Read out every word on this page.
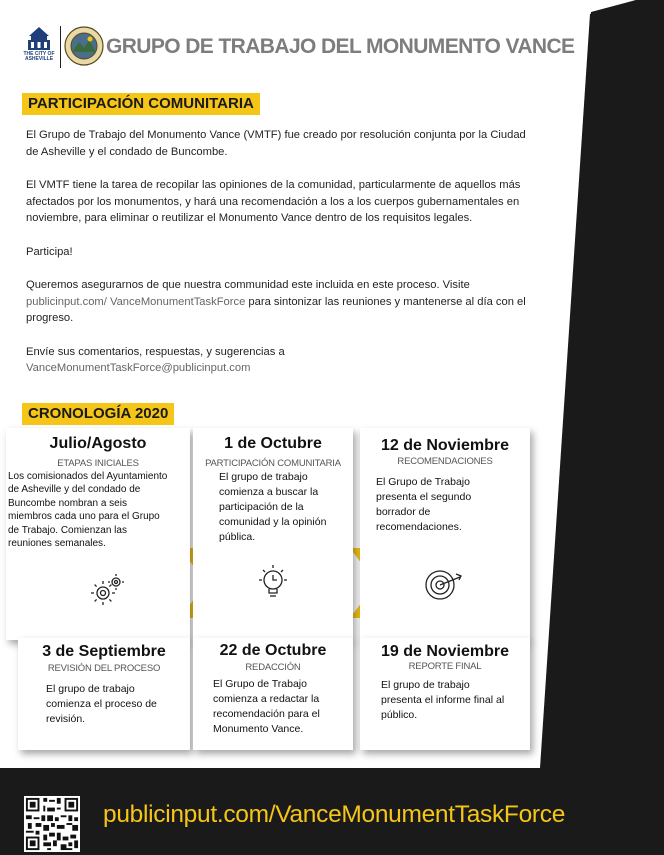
THE CITY OF ASHEVILLE
GRUPO DE TRABAJO DEL MONUMENTO VANCE
PARTICIPACIÓN COMUNITARIA

El Grupo de Trabajo del Monumento Vance (VMTF) fue creado por resolución conjunta por la Ciudad de Asheville y el condado de Buncombe.

El VMTF tiene la tarea de recopilar las opiniones de la comunidad, particularmente de aquellos más afectados por los monumentos, y hará una recomendación a los a los cuerpos gubernamentales en noviembre, para eliminar o reutilizar el Monumento Vance dentro de los requisitos legales.

Participa!

Queremos asegurarnos de que nuestra communidad este incluida en este proceso. Visite publicinput.com/ VanceMonumentTaskForce para sintonizar las reuniones y mantenerse al día con el progreso.

Envíe sus comentarios, respuestas, y sugerencias a
VanceMonumentTaskForce@publicinput.com

CRONOLOGÍA 2020
Julio/Agosto
ETAPAS INICIALES
Los comisionados del Ayuntamiento de Asheville y del condado de Buncombe nombran a seis miembros cada uno para el Grupo de Trabajo. Comienzan las reuniones semanales.
1 de Octubre
PARTICIPACIÓN COMUNITARIA
El grupo de trabajo comienza a buscar la participación de la comunidad y la opinión pública.
12 de Noviembre
RECOMENDACIONES
El Grupo de Trabajo presenta el segundo borrador de recomendaciones.
3 de Septiembre
REVISIÓN DEL PROCESO
El grupo de trabajo comienza el proceso de revisión.
22 de Octubre
REDACCIÓN
El Grupo de Trabajo comienza a redactar la recomendación para el Monumento Vance.
19 de Noviembre
REPORTE FINAL
El grupo de trabajo presenta el informe final al público.
publicinput.com/VanceMonumentTaskForce
